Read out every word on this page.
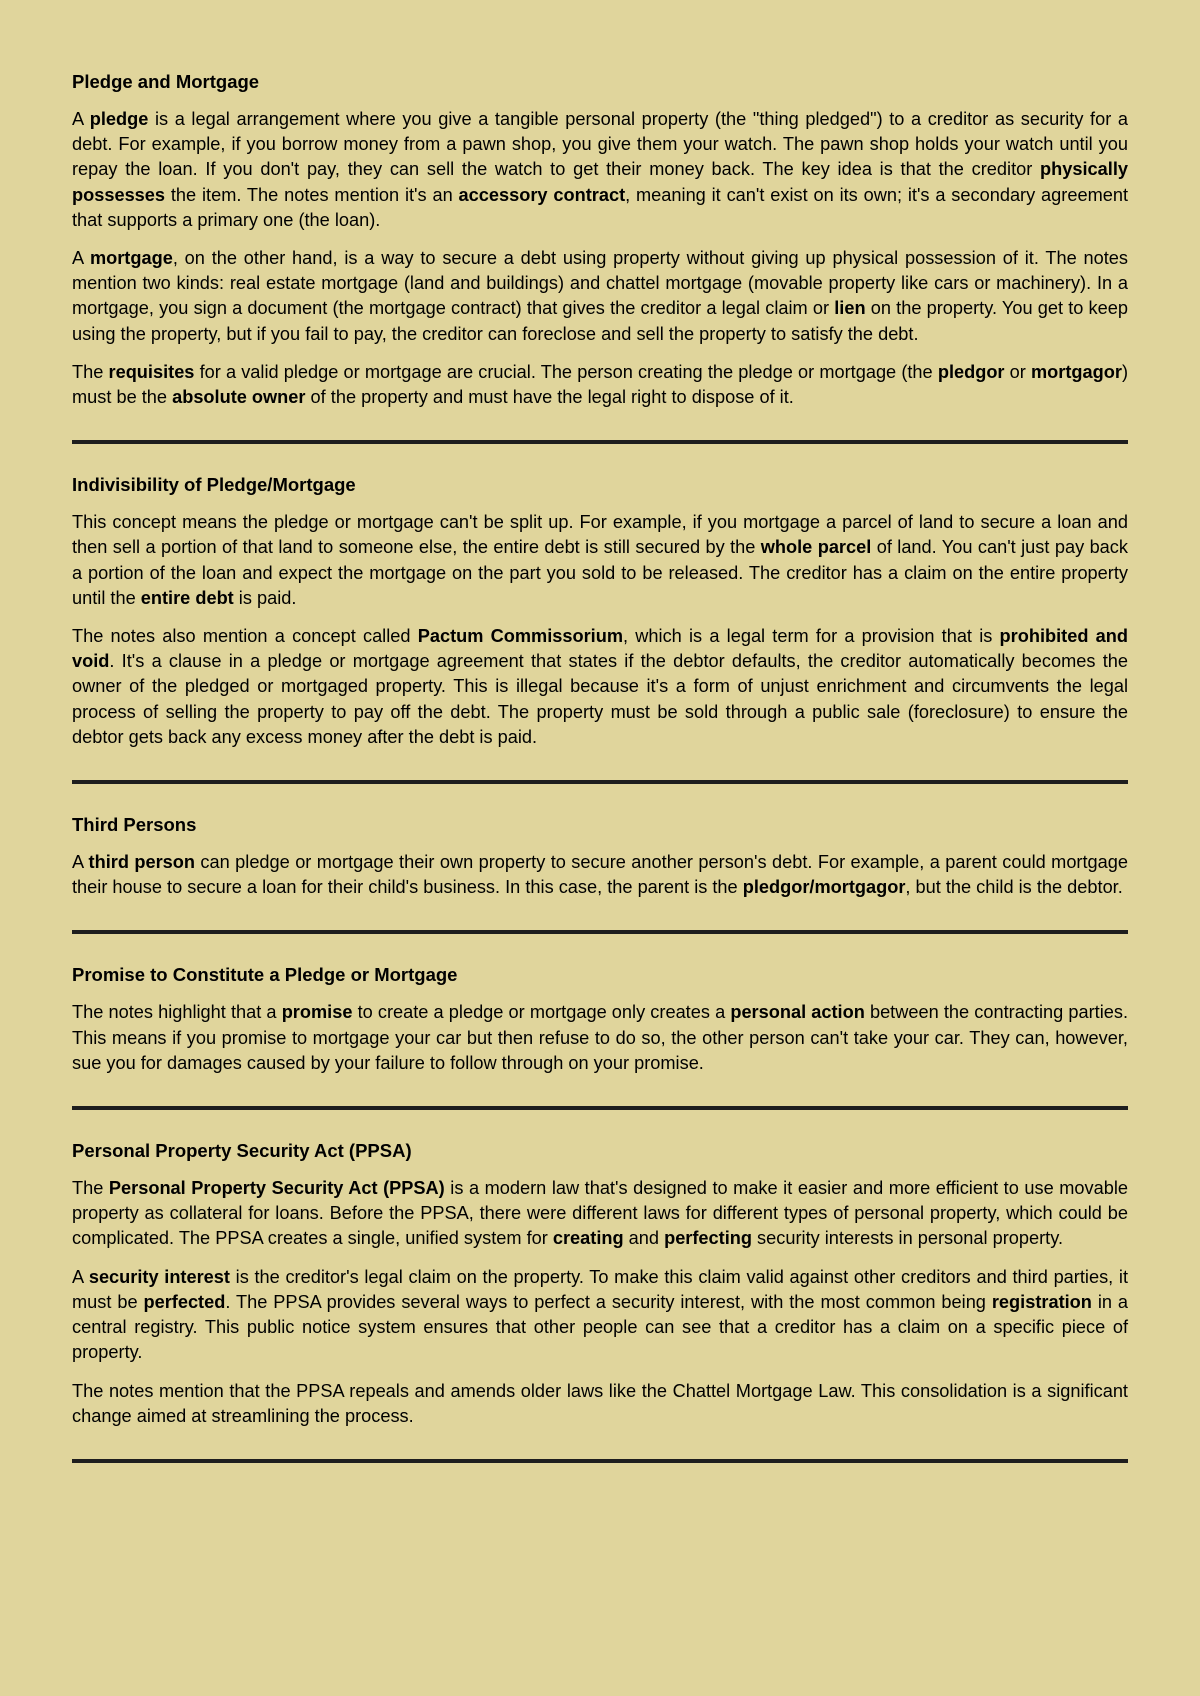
Pledge and Mortgage

A pledge is a legal arrangement where you give a tangible personal property (the "thing pledged") to a creditor as security for a debt. For example, if you borrow money from a pawn shop, you give them your watch. The pawn shop holds your watch until you repay the loan. If you don't pay, they can sell the watch to get their money back. The key idea is that the creditor physically possesses the item. The notes mention it's an accessory contract, meaning it can't exist on its own; it's a secondary agreement that supports a primary one (the loan).

A mortgage, on the other hand, is a way to secure a debt using property without giving up physical possession of it. The notes mention two kinds: real estate mortgage (land and buildings) and chattel mortgage (movable property like cars or machinery). In a mortgage, you sign a document (the mortgage contract) that gives the creditor a legal claim or lien on the property. You get to keep using the property, but if you fail to pay, the creditor can foreclose and sell the property to satisfy the debt.

The requisites for a valid pledge or mortgage are crucial. The person creating the pledge or mortgage (the pledgor or mortgagor) must be the absolute owner of the property and must have the legal right to dispose of it.

Indivisibility of Pledge/Mortgage

This concept means the pledge or mortgage can't be split up. For example, if you mortgage a parcel of land to secure a loan and then sell a portion of that land to someone else, the entire debt is still secured by the whole parcel of land. You can't just pay back a portion of the loan and expect the mortgage on the part you sold to be released. The creditor has a claim on the entire property until the entire debt is paid.

The notes also mention a concept called Pactum Commissorium, which is a legal term for a provision that is prohibited and void. It's a clause in a pledge or mortgage agreement that states if the debtor defaults, the creditor automatically becomes the owner of the pledged or mortgaged property. This is illegal because it's a form of unjust enrichment and circumvents the legal process of selling the property to pay off the debt. The property must be sold through a public sale (foreclosure) to ensure the debtor gets back any excess money after the debt is paid.

Third Persons

A third person can pledge or mortgage their own property to secure another person's debt. For example, a parent could mortgage their house to secure a loan for their child's business. In this case, the parent is the pledgor/mortgagor, but the child is the debtor.

Promise to Constitute a Pledge or Mortgage

The notes highlight that a promise to create a pledge or mortgage only creates a personal action between the contracting parties. This means if you promise to mortgage your car but then refuse to do so, the other person can't take your car. They can, however, sue you for damages caused by your failure to follow through on your promise.

Personal Property Security Act (PPSA)

The Personal Property Security Act (PPSA) is a modern law that's designed to make it easier and more efficient to use movable property as collateral for loans. Before the PPSA, there were different laws for different types of personal property, which could be complicated. The PPSA creates a single, unified system for creating and perfecting security interests in personal property.

A security interest is the creditor's legal claim on the property. To make this claim valid against other creditors and third parties, it must be perfected. The PPSA provides several ways to perfect a security interest, with the most common being registration in a central registry. This public notice system ensures that other people can see that a creditor has a claim on a specific piece of property.

The notes mention that the PPSA repeals and amends older laws like the Chattel Mortgage Law. This consolidation is a significant change aimed at streamlining the process.
